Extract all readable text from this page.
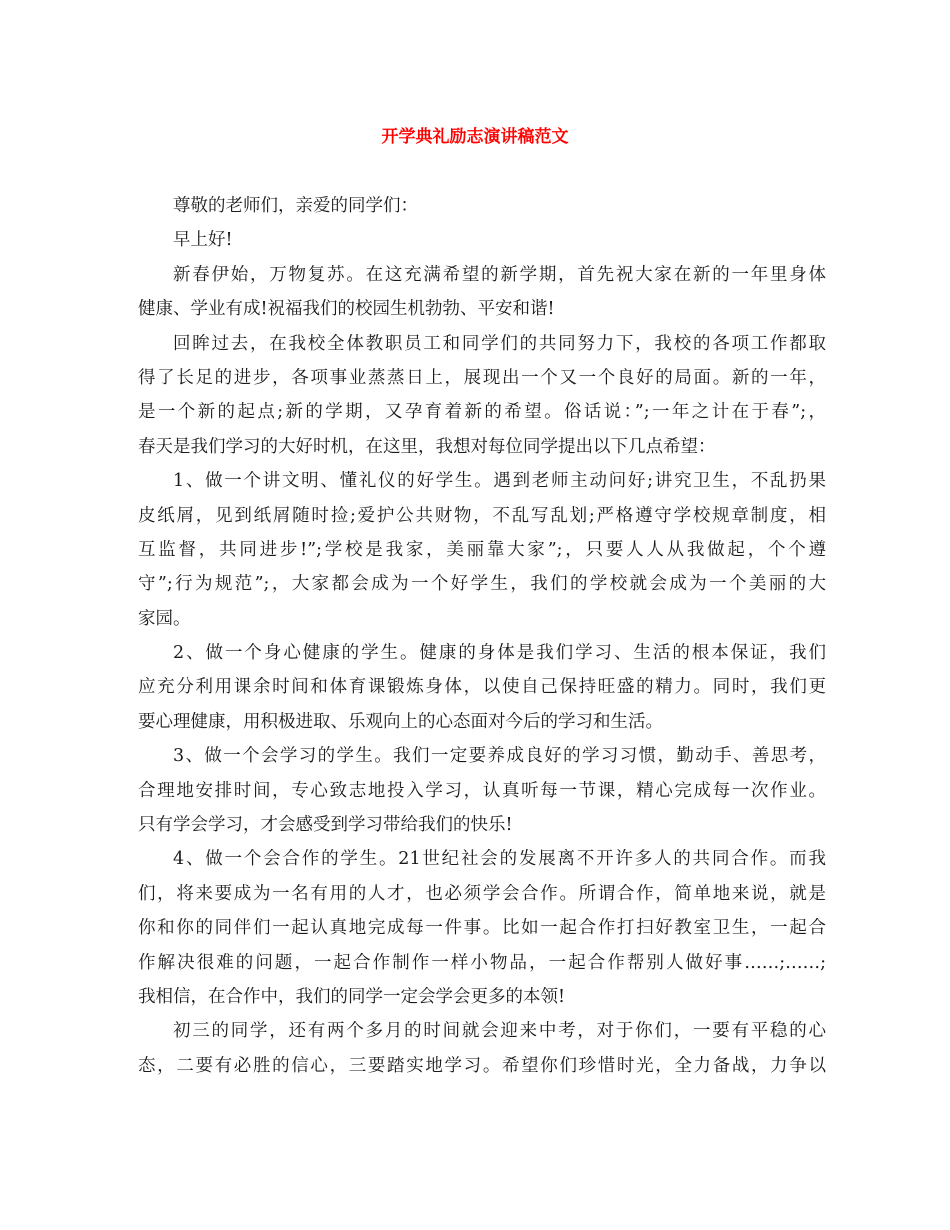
开学典礼励志演讲稿范文
尊敬的老师们，亲爱的同学们：
早上好!
新春伊始，万物复苏。在这充满希望的新学期，首先祝大家在新的一年里身体
健康、学业有成!祝福我们的校园生机勃勃、平安和谐!
回眸过去，在我校全体教职员工和同学们的共同努力下，我校的各项工作都取
得了长足的进步，各项事业蒸蒸日上，展现出一个又一个良好的局面。新的一年，
是一个新的起点;新的学期，又孕育着新的希望。俗话说：”;一年之计在于春”;，
春天是我们学习的大好时机，在这里，我想对每位同学提出以下几点希望：
1、做一个讲文明、懂礼仪的好学生。遇到老师主动问好;讲究卫生，不乱扔果
皮纸屑，见到纸屑随时捡;爱护公共财物，不乱写乱划;严格遵守学校规章制度，相
互监督，共同进步!”;学校是我家，美丽靠大家”;，只要人人从我做起，个个遵
守”;行为规范”;，大家都会成为一个好学生，我们的学校就会成为一个美丽的大
家园。
2、做一个身心健康的学生。健康的身体是我们学习、生活的根本保证，我们
应充分利用课余时间和体育课锻炼身体，以使自己保持旺盛的精力。同时，我们更
要心理健康，用积极进取、乐观向上的心态面对今后的学习和生活。
3、做一个会学习的学生。我们一定要养成良好的学习习惯，勤动手、善思考，
合理地安排时间，专心致志地投入学习，认真听每一节课，精心完成每一次作业。
只有学会学习，才会感受到学习带给我们的快乐!
4、做一个会合作的学生。21世纪社会的发展离不开许多人的共同合作。而我
们，将来要成为一名有用的人才，也必须学会合作。所谓合作，简单地来说，就是
你和你的同伴们一起认真地完成每一件事。比如一起合作打扫好教室卫生，一起合
作解决很难的问题，一起合作制作一样小物品，一起合作帮别人做好事……;……;
我相信，在合作中，我们的同学一定会学会更多的本领!
初三的同学，还有两个多月的时间就会迎来中考，对于你们，一要有平稳的心
态，二要有必胜的信心，三要踏实地学习。希望你们珍惜时光，全力备战，力争以
